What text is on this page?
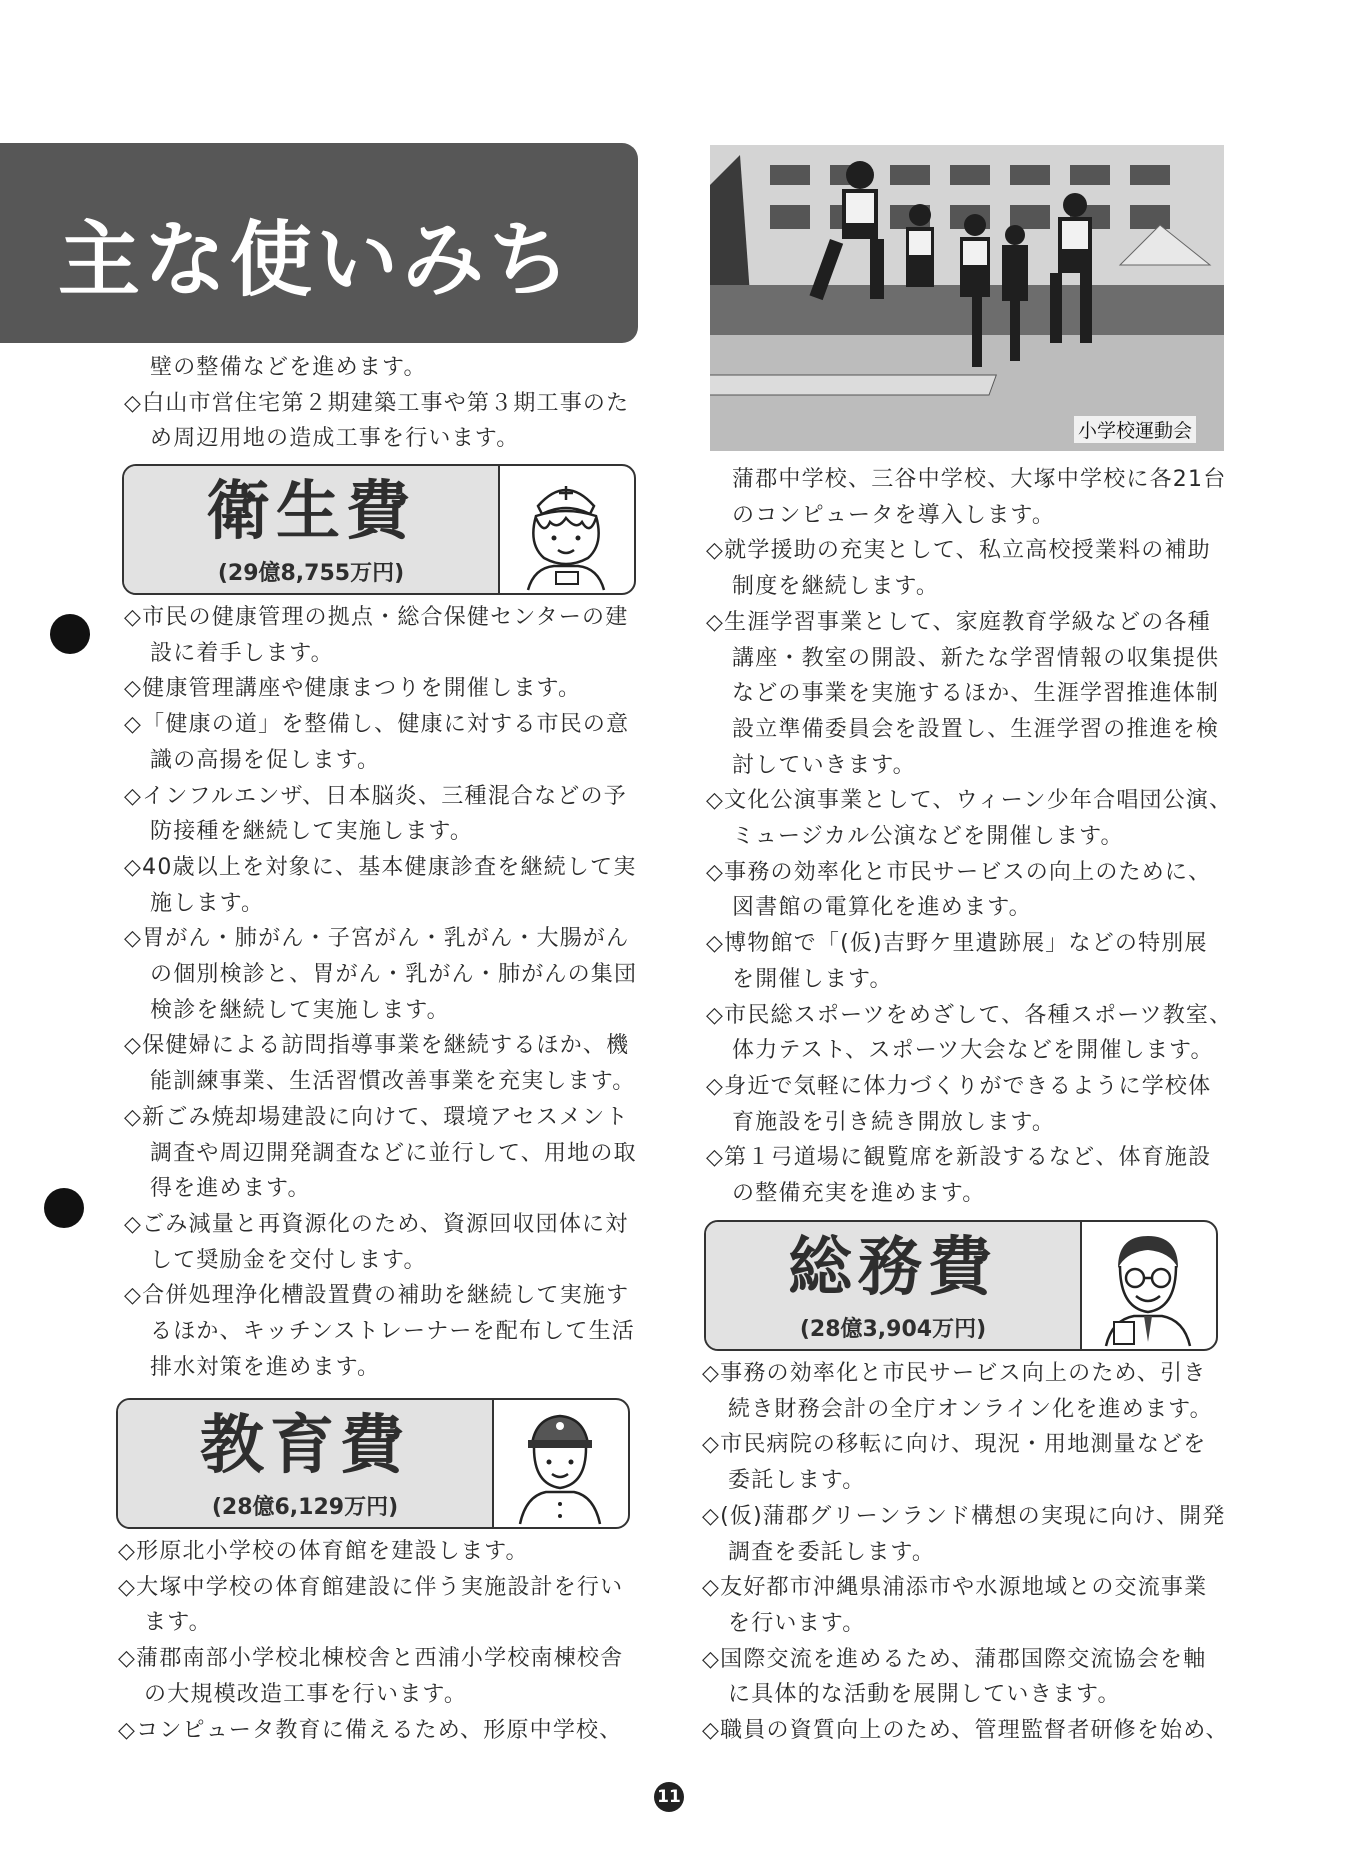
主な使いみち

壁の整備などを進めます。

◇白山市営住宅第２期建築工事や第３期工事のた

め周辺用地の造成工事を行います。

衛生費
(29億8,755万円)

◇市民の健康管理の拠点・総合保健センターの建

設に着手します。

◇健康管理講座や健康まつりを開催します。

◇「健康の道」を整備し、健康に対する市民の意

識の高揚を促します。

◇インフルエンザ、日本脳炎、三種混合などの予

防接種を継続して実施します。

◇40歳以上を対象に、基本健康診査を継続して実

施します。

◇胃がん・肺がん・子宮がん・乳がん・大腸がん

の個別検診と、胃がん・乳がん・肺がんの集団

検診を継続して実施します。

◇保健婦による訪問指導事業を継続するほか、機

能訓練事業、生活習慣改善事業を充実します。

◇新ごみ焼却場建設に向けて、環境アセスメント

調査や周辺開発調査などに並行して、用地の取

得を進めます。

◇ごみ減量と再資源化のため、資源回収団体に対

して奨励金を交付します。

◇合併処理浄化槽設置費の補助を継続して実施す

るほか、キッチンストレーナーを配布して生活

排水対策を進めます。

教育費
(28億6,129万円)

◇形原北小学校の体育館を建設します。

◇大塚中学校の体育館建設に伴う実施設計を行い

ます。

◇蒲郡南部小学校北棟校舎と西浦小学校南棟校舎

の大規模改造工事を行います。

◇コンピュータ教育に備えるため、形原中学校、

小学校運動会

蒲郡中学校、三谷中学校、大塚中学校に各21台

のコンピュータを導入します。

◇就学援助の充実として、私立高校授業料の補助

制度を継続します。

◇生涯学習事業として、家庭教育学級などの各種

講座・教室の開設、新たな学習情報の収集提供

などの事業を実施するほか、生涯学習推進体制

設立準備委員会を設置し、生涯学習の推進を検

討していきます。

◇文化公演事業として、ウィーン少年合唱団公演、

ミュージカル公演などを開催します。

◇事務の効率化と市民サービスの向上のために、

図書館の電算化を進めます。

◇博物館で「(仮)吉野ケ里遺跡展」などの特別展

を開催します。

◇市民総スポーツをめざして、各種スポーツ教室、

体力テスト、スポーツ大会などを開催します。

◇身近で気軽に体力づくりができるように学校体

育施設を引き続き開放します。

◇第１弓道場に観覧席を新設するなど、体育施設

の整備充実を進めます。

総務費
(28億3,904万円)

◇事務の効率化と市民サービス向上のため、引き

続き財務会計の全庁オンライン化を進めます。

◇市民病院の移転に向け、現況・用地測量などを

委託します。

◇(仮)蒲郡グリーンランド構想の実現に向け、開発

調査を委託します。

◇友好都市沖縄県浦添市や水源地域との交流事業

を行います。

◇国際交流を進めるため、蒲郡国際交流協会を軸

に具体的な活動を展開していきます。

◇職員の資質向上のため、管理監督者研修を始め、

11
